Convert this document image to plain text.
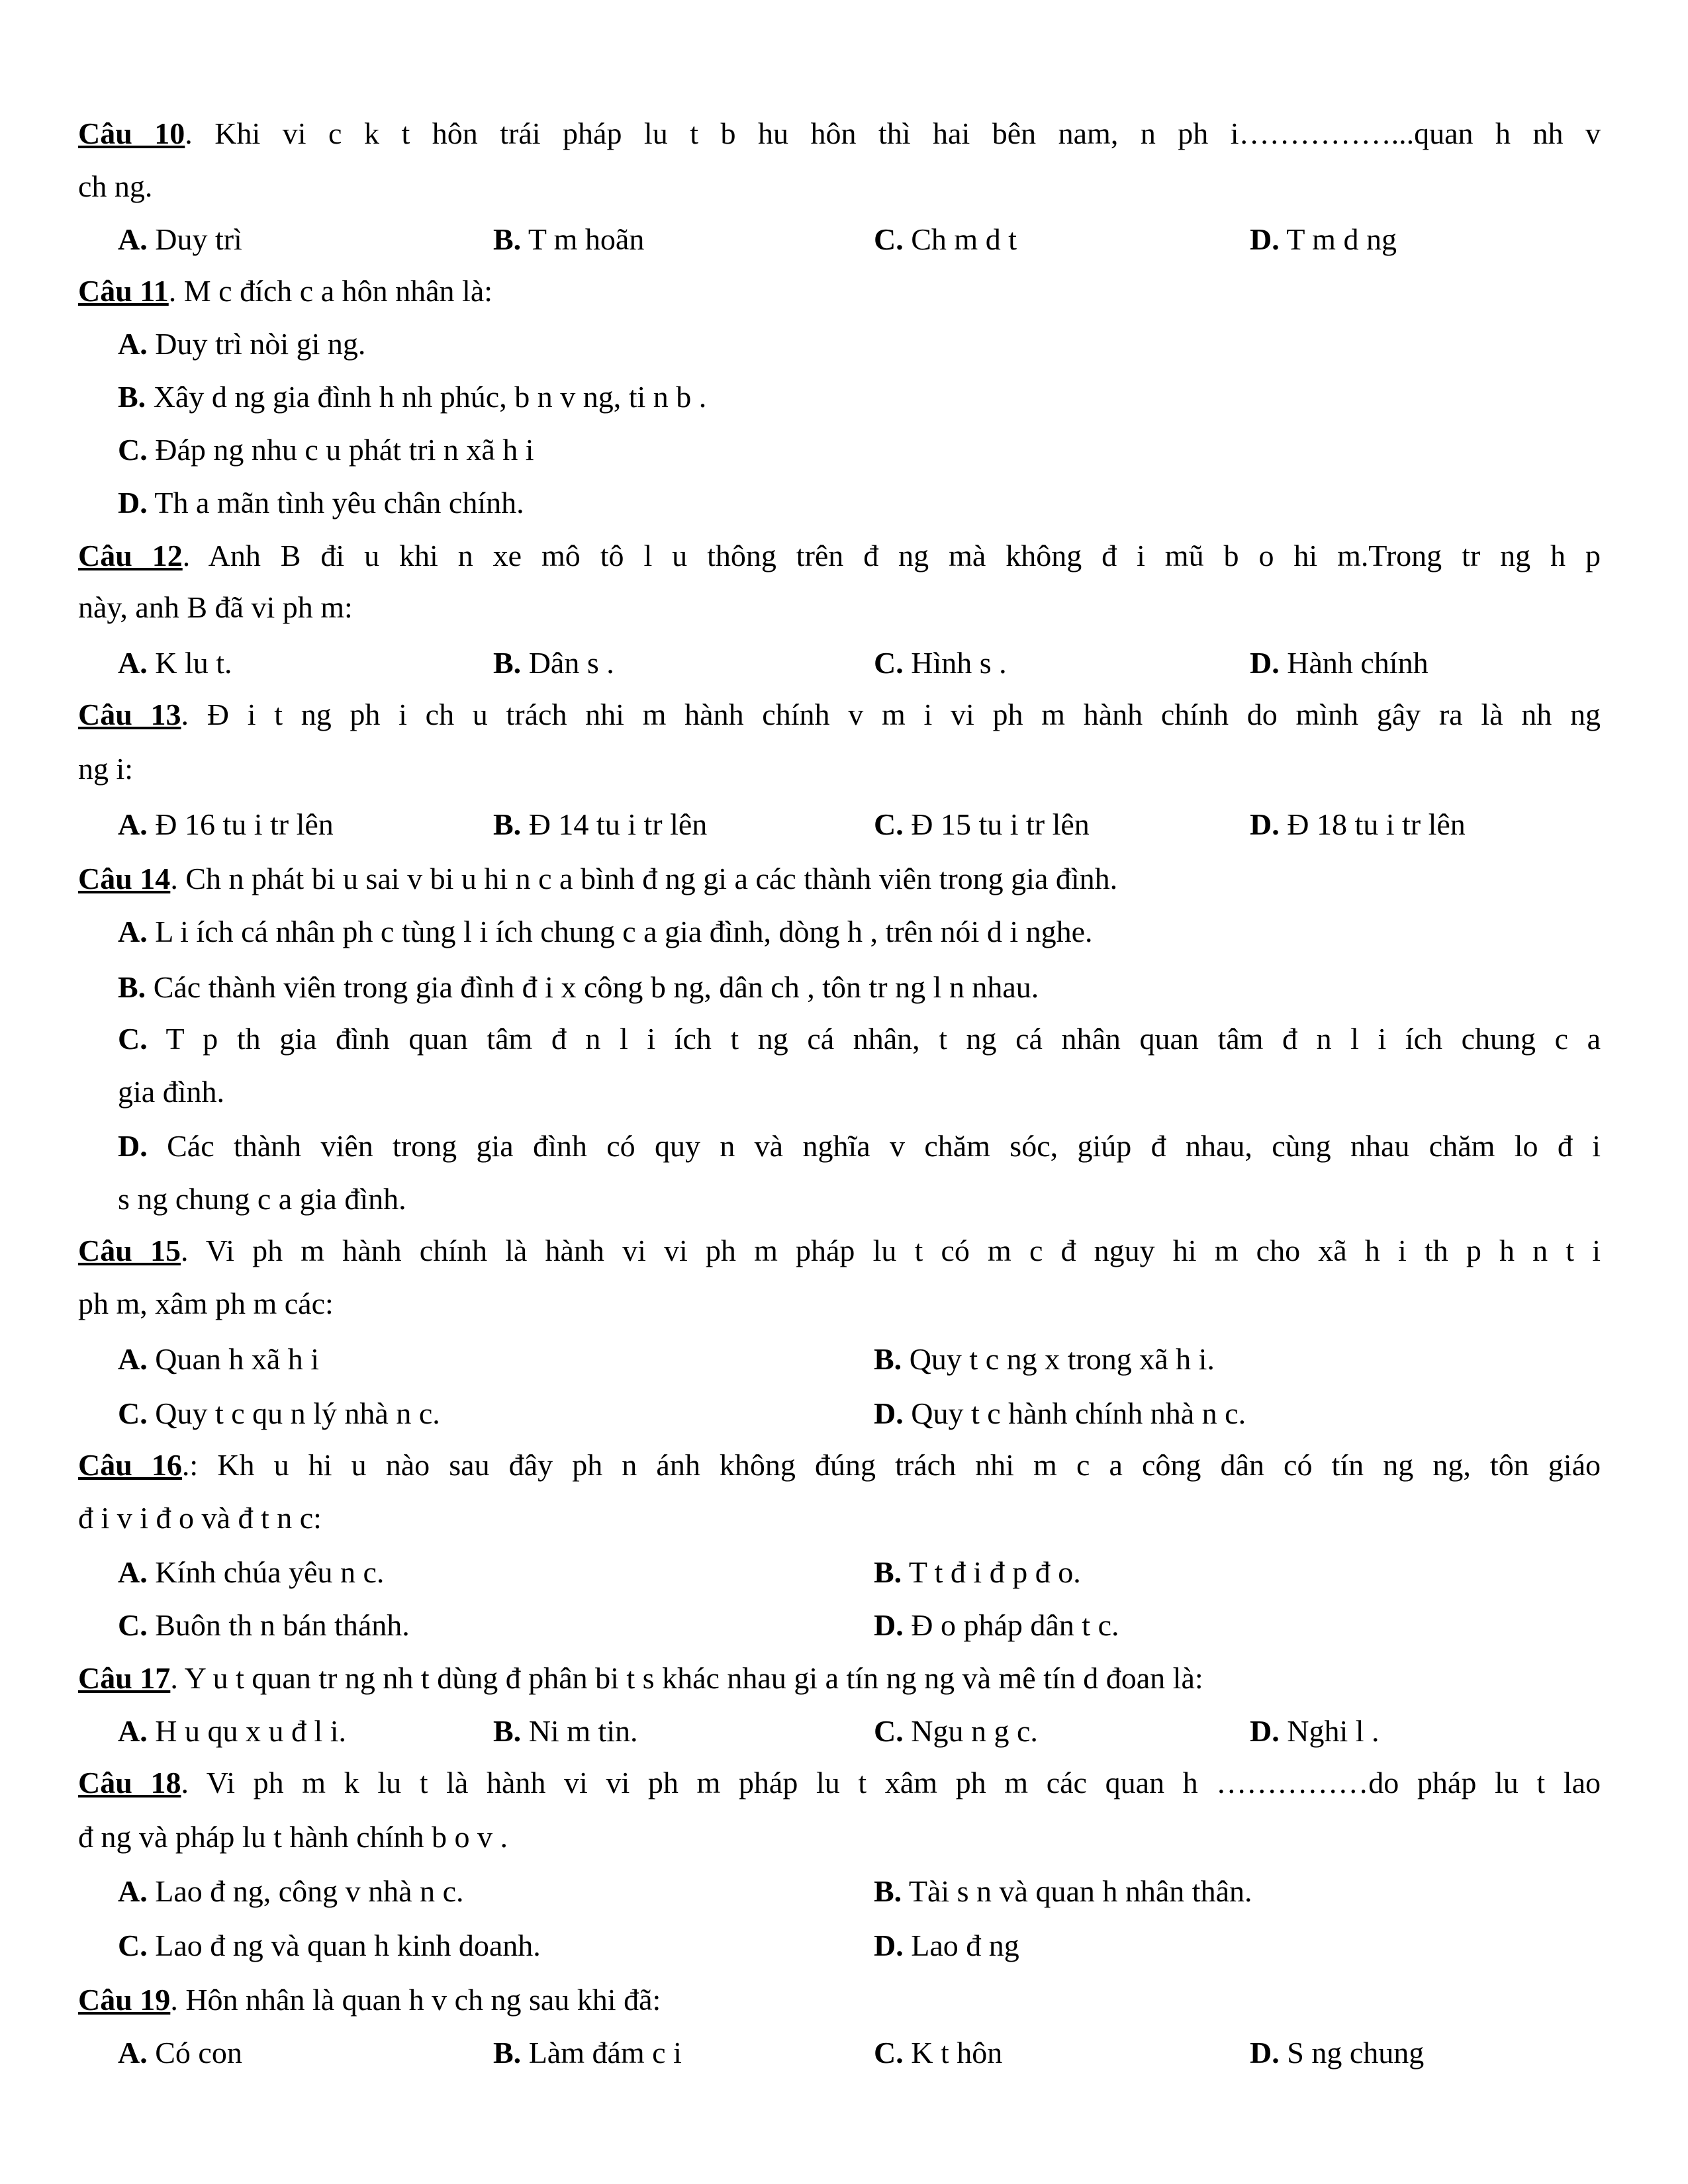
Câu 10. Khi vi c k t hôn trái pháp lu t b hu hôn thì hai bên nam, n ph i……………...quan h nh v
ch ng.
A. Duy trì	B. T m hoãn	C. Ch m d t	D. T m d ng
Câu 11. M c đích c a hôn nhân là:
A. Duy trì nòi gi ng.
B. Xây d ng gia đình h nh phúc, b n v ng, ti n b .
C. Đáp ng nhu c u phát tri n xã h i
D. Th a mãn tình yêu chân chính.
Câu 12. Anh B đi u khi n xe mô tô l u thông trên đ ng mà không đ i mũ b o hi m.Trong tr ng h p
này, anh B đã vi ph m:
A. K lu t.	B. Dân s .	C. Hình s .	D. Hành chính
Câu 13. Đ i t ng ph i ch u trách nhi m hành chính v m i vi ph m hành chính do mình gây ra là nh ng
ng i:
A. Đ 16 tu i tr lên	B. Đ 14 tu i tr lên	C. Đ 15 tu i tr lên	D. Đ 18 tu i tr lên
Câu 14. Ch n phát bi u sai v bi u hi n c a bình đ ng gi a các thành viên trong gia đình.
A. L i ích cá nhân ph c tùng l i ích chung c a gia đình, dòng h , trên nói d i nghe.
B. Các thành viên trong gia đình đ i x công b ng, dân ch , tôn tr ng l n nhau.
C. T p th gia đình quan tâm đ n l i ích t ng cá nhân, t ng cá nhân quan tâm đ n l i ích chung c a
gia đình.
D. Các thành viên trong gia đình có quy n và nghĩa v chăm sóc, giúp đ nhau, cùng nhau chăm lo đ i
s ng chung c a gia đình.
Câu 15. Vi ph m hành chính là hành vi vi ph m pháp lu t có m c đ nguy hi m cho xã h i th p h n t i
ph m, xâm ph m các:
A. Quan h xã h i	B. Quy t c ng x trong xã h i.
C. Quy t c qu n lý nhà n c.	D. Quy t c hành chính nhà n c.
Câu 16.: Kh u hi u nào sau đây ph n ánh không đúng trách nhi m c a công dân có tín ng ng, tôn giáo
đ i v i đ o và đ t n c:
A. Kính chúa yêu n c.	B. T t đ i đ p đ o.
C. Buôn th n bán thánh.	D. Đ o pháp dân t c.
Câu 17. Y u t quan tr ng nh t dùng đ phân bi t s khác nhau gi a tín ng ng và mê tín d đoan là:
A. H u qu x u đ l i.	B. Ni m tin.	C. Ngu n g c.	D. Nghi l .
Câu 18. Vi ph m k lu t là hành vi vi ph m pháp lu t xâm ph m các quan h ……………do pháp lu t lao
đ ng và pháp lu t hành chính b o v .
A. Lao đ ng, công v nhà n c.	B. Tài s n và quan h nhân thân.
C. Lao đ ng và quan h kinh doanh.	D. Lao đ ng
Câu 19. Hôn nhân là quan h v ch ng sau khi đã:
A. Có con	B. Làm đám c i	C. K t hôn	D. S ng chung
